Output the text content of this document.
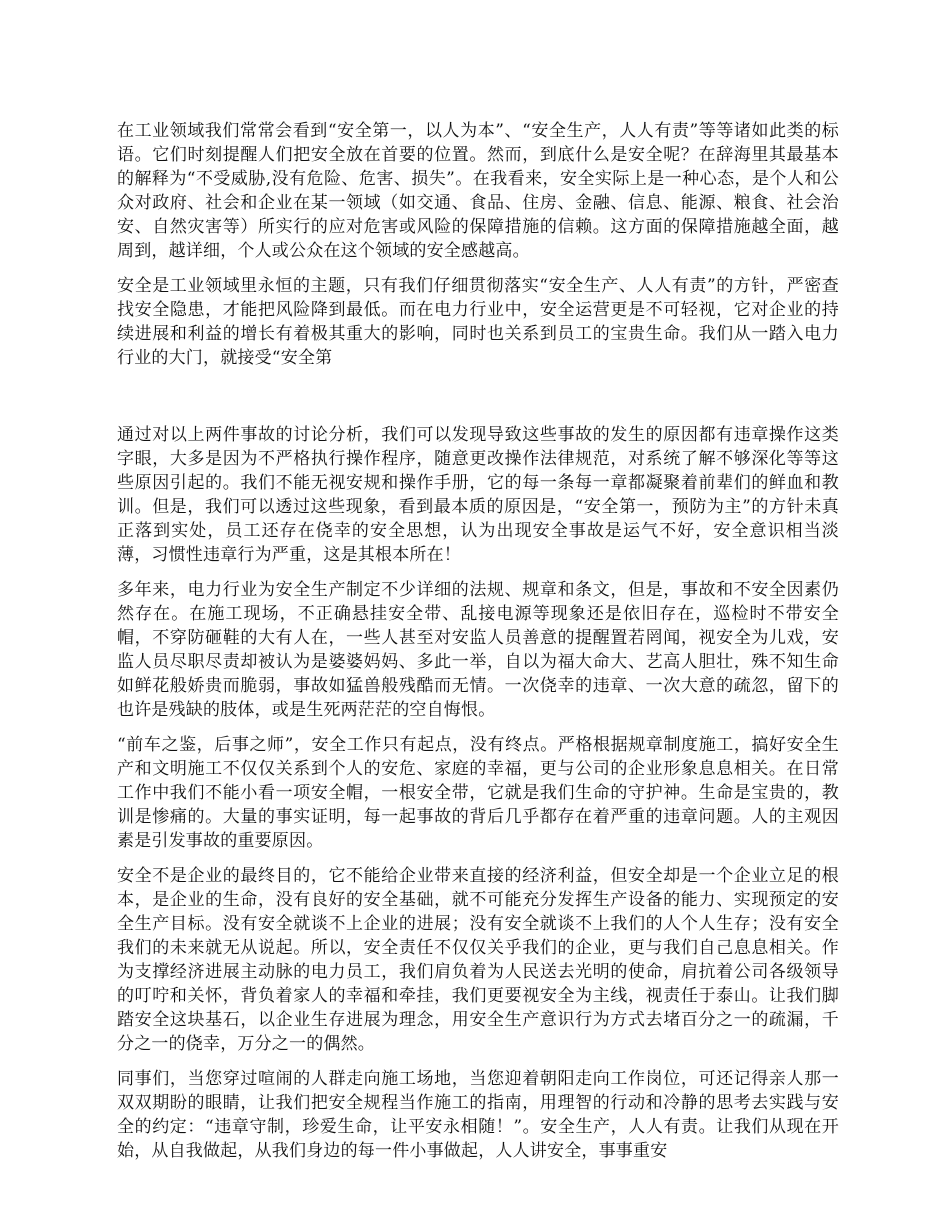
在工业领域我们常常会看到“安全第一，以人为本”、“安全生产，人人有责”等等诸如此类的标语。它们时刻提醒人们把安全放在首要的位置。然而，到底什么是安全呢？在辞海里其最基本的解释为“不受威胁,没有危险、危害、损失”。在我看来，安全实际上是一种心态，是个人和公众对政府、社会和企业在某一领域（如交通、食品、住房、金融、信息、能源、粮食、社会治安、自然灾害等）所实行的应对危害或风险的保障措施的信赖。这方面的保障措施越全面，越周到，越详细，个人或公众在这个领域的安全感越高。

安全是工业领域里永恒的主题，只有我们仔细贯彻落实“安全生产、人人有责”的方针，严密查找安全隐患，才能把风险降到最低。而在电力行业中，安全运营更是不可轻视，它对企业的持续进展和利益的增长有着极其重大的影响，同时也关系到员工的宝贵生命。我们从一踏入电力行业的大门，就接受“安全第

通过对以上两件事故的讨论分析，我们可以发现导致这些事故的发生的原因都有违章操作这类字眼，大多是因为不严格执行操作程序，随意更改操作法律规范，对系统了解不够深化等等这些原因引起的。我们不能无视安规和操作手册，它的每一条每一章都凝聚着前辈们的鲜血和教训。但是，我们可以透过这些现象，看到最本质的原因是，“安全第一，预防为主”的方针未真正落到实处，员工还存在侥幸的安全思想，认为出现安全事故是运气不好，安全意识相当淡薄，习惯性违章行为严重，这是其根本所在！

多年来，电力行业为安全生产制定不少详细的法规、规章和条文，但是，事故和不安全因素仍然存在。在施工现场，不正确悬挂安全带、乱接电源等现象还是依旧存在，巡检时不带安全帽，不穿防砸鞋的大有人在，一些人甚至对安监人员善意的提醒置若罔闻，视安全为儿戏，安监人员尽职尽责却被认为是婆婆妈妈、多此一举，自以为福大命大、艺高人胆壮，殊不知生命如鲜花般娇贵而脆弱，事故如猛兽般残酷而无情。一次侥幸的违章、一次大意的疏忽，留下的也许是残缺的肢体，或是生死两茫茫的空自悔恨。

“前车之鉴，后事之师”，安全工作只有起点，没有终点。严格根据规章制度施工，搞好安全生产和文明施工不仅仅关系到个人的安危、家庭的幸福，更与公司的企业形象息息相关。在日常工作中我们不能小看一项安全帽，一根安全带，它就是我们生命的守护神。生命是宝贵的，教训是惨痛的。大量的事实证明，每一起事故的背后几乎都存在着严重的违章问题。人的主观因素是引发事故的重要原因。

安全不是企业的最终目的，它不能给企业带来直接的经济利益，但安全却是一个企业立足的根本，是企业的生命，没有良好的安全基础，就不可能充分发挥生产设备的能力、实现预定的安全生产目标。没有安全就谈不上企业的进展；没有安全就谈不上我们的人个人生存；没有安全我们的未来就无从说起。所以，安全责任不仅仅关乎我们的企业，更与我们自己息息相关。作为支撑经济进展主动脉的电力员工，我们肩负着为人民送去光明的使命，肩抗着公司各级领导的叮咛和关怀，背负着家人的幸福和牵挂，我们更要视安全为主线，视责任于泰山。让我们脚踏安全这块基石，以企业生存进展为理念，用安全生产意识行为方式去堵百分之一的疏漏，千分之一的侥幸，万分之一的偶然。

同事们，当您穿过喧闹的人群走向施工场地，当您迎着朝阳走向工作岗位，可还记得亲人那一双双期盼的眼睛，让我们把安全规程当作施工的指南，用理智的行动和冷静的思考去实践与安全的约定：“违章守制，珍爱生命，让平安永相随！”。安全生产，人人有责。让我们从现在开始，从自我做起，从我们身边的每一件小事做起，人人讲安全，事事重安
